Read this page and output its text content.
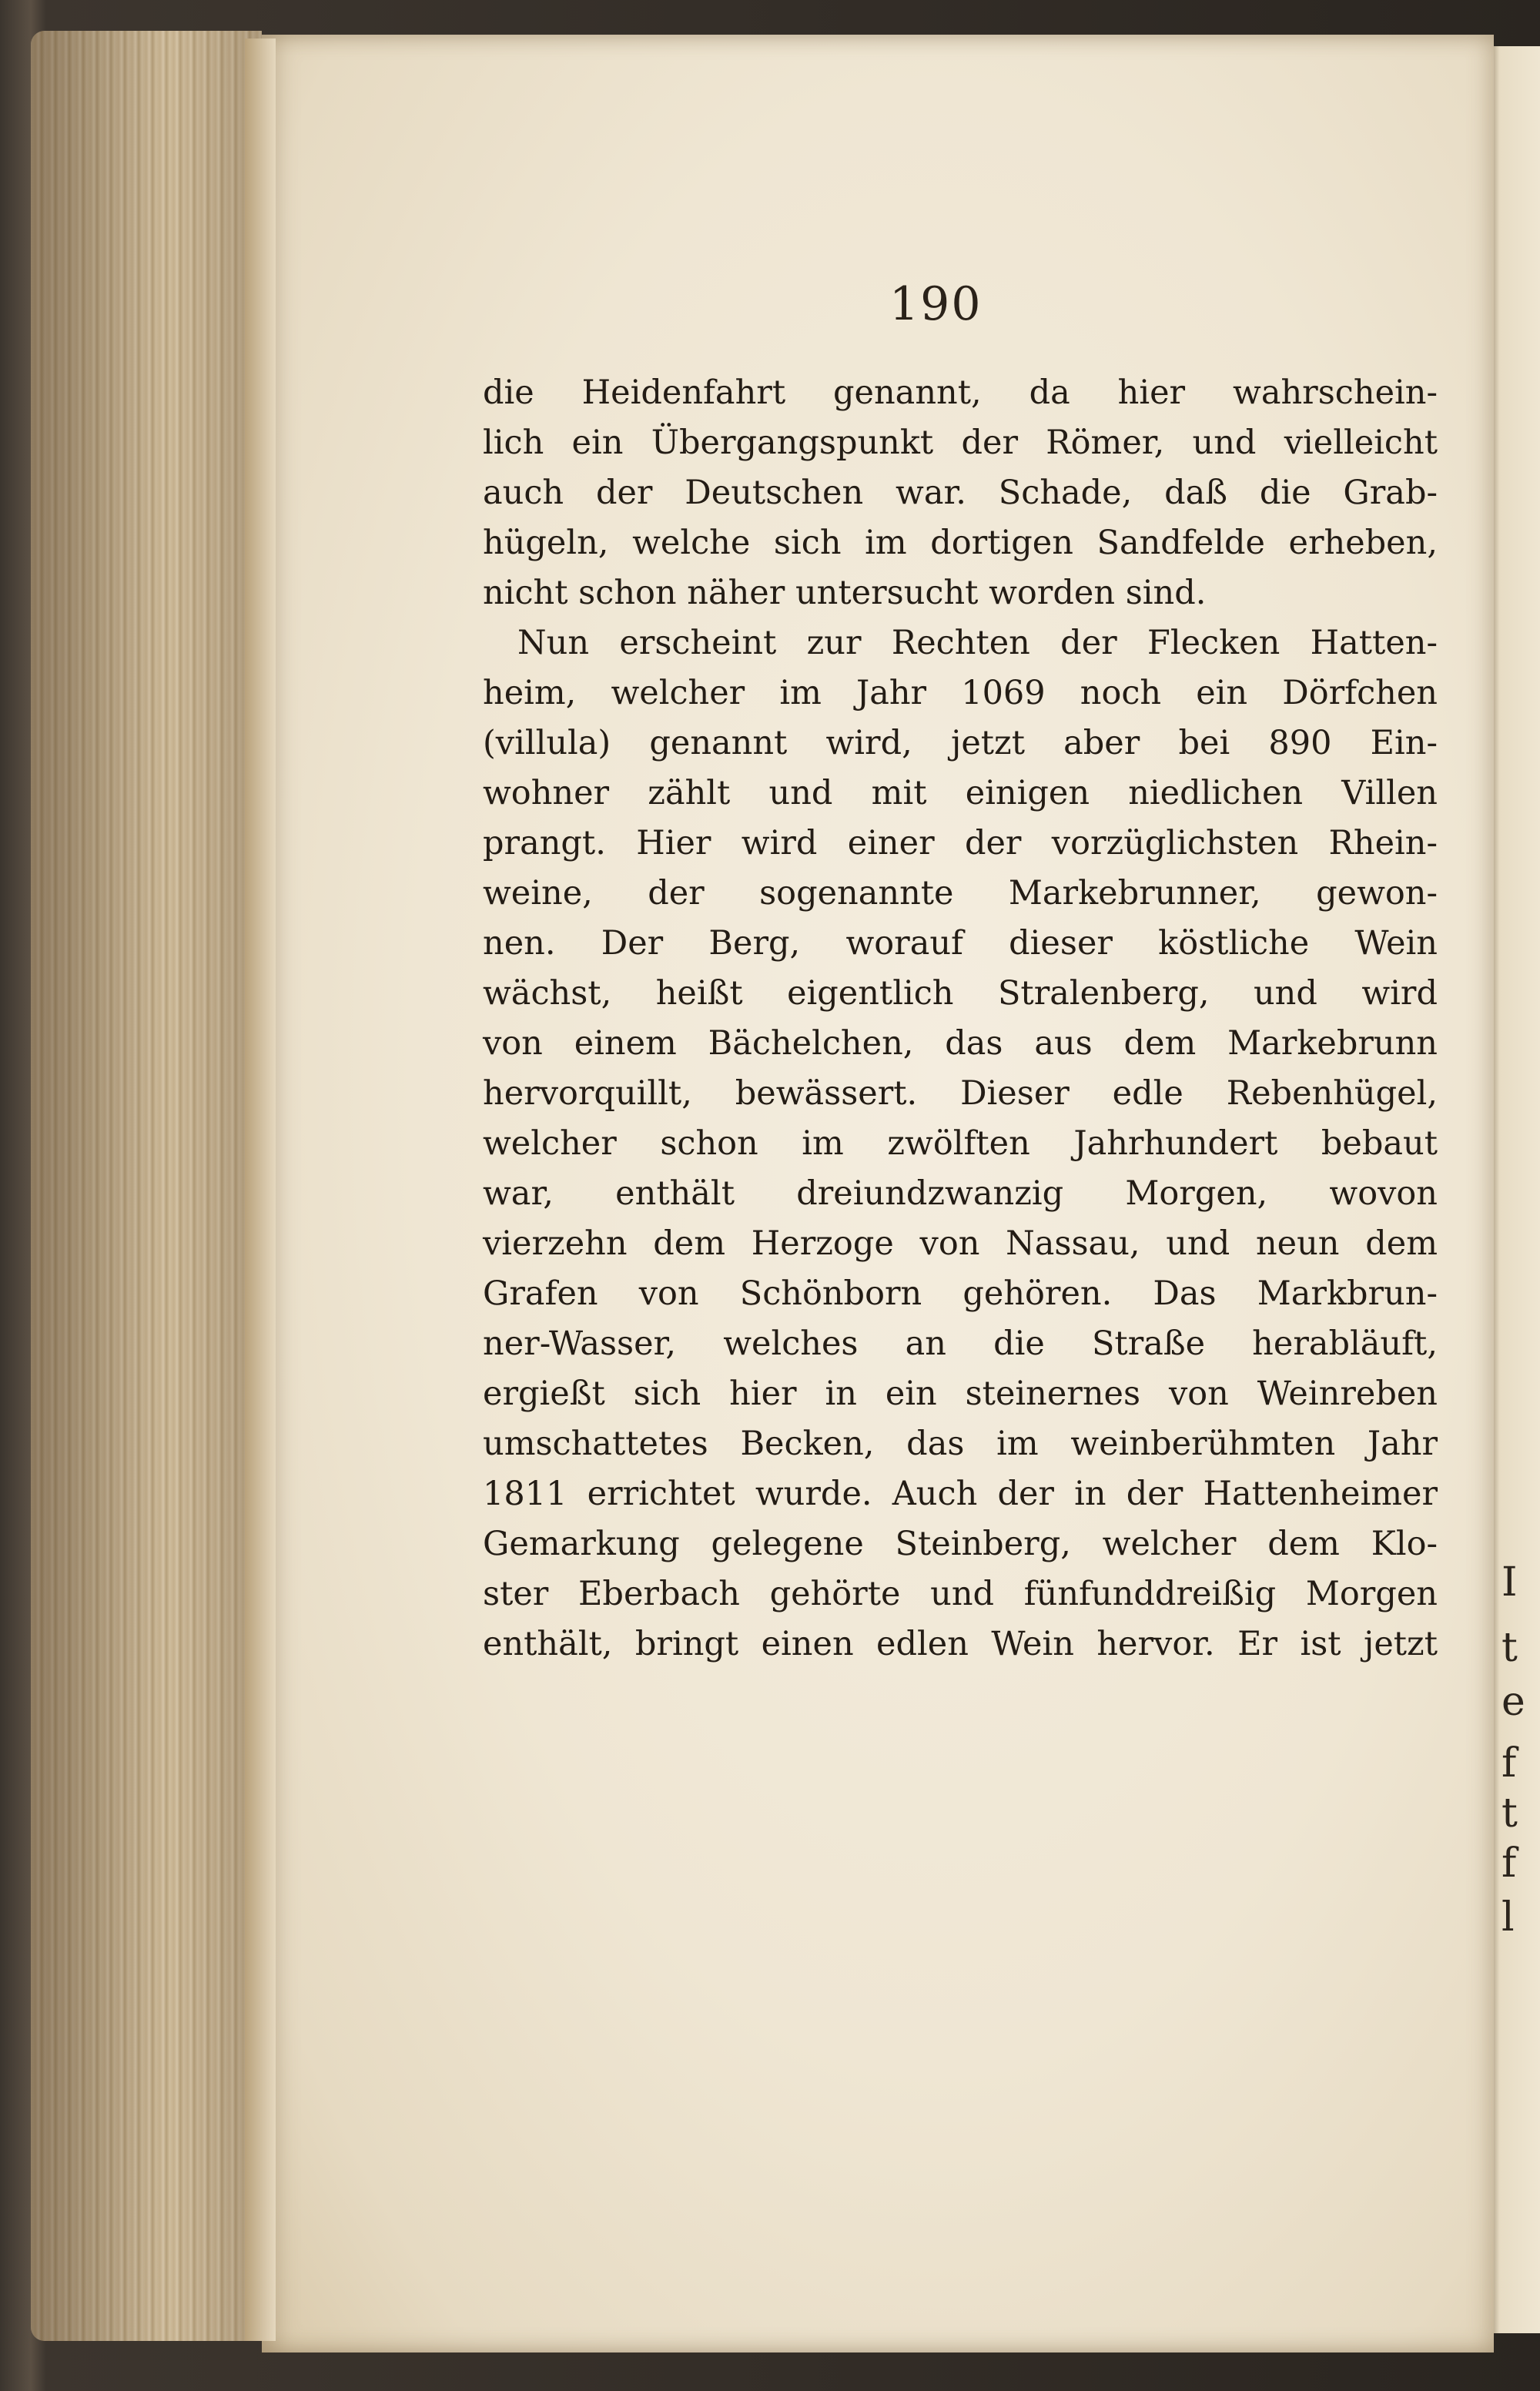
I
t
e
f
t
f
l
190
die Heidenfahrt genannt, da hier wahrschein-
lich ein Übergangspunkt der Römer, und vielleicht
auch der Deutschen war. Schade, daß die Grab-
hügeln, welche sich im dortigen Sandfelde erheben,
nicht schon näher untersucht worden sind.
Nun erscheint zur Rechten der Flecken Hatten-
heim, welcher im Jahr 1069 noch ein Dörfchen
(villula) genannt wird, jetzt aber bei 890 Ein-
wohner zählt und mit einigen niedlichen Villen
prangt. Hier wird einer der vorzüglichsten Rhein-
weine, der sogenannte Markebrunner, gewon-
nen. Der Berg, worauf dieser köstliche Wein
wächst, heißt eigentlich Stralenberg, und wird
von einem Bächelchen, das aus dem Markebrunn
hervorquillt, bewässert. Dieser edle Rebenhügel,
welcher schon im zwölften Jahrhundert bebaut
war, enthält dreiundzwanzig Morgen, wovon
vierzehn dem Herzoge von Nassau, und neun dem
Grafen von Schönborn gehören. Das Markbrun-
ner-Wasser, welches an die Straße herabläuft,
ergießt sich hier in ein steinernes von Weinreben
umschattetes Becken, das im weinberühmten Jahr
1811 errichtet wurde. Auch der in der Hattenheimer
Gemarkung gelegene Steinberg, welcher dem Klo-
ster Eberbach gehörte und fünfunddreißig Morgen
enthält, bringt einen edlen Wein hervor. Er ist jetzt
